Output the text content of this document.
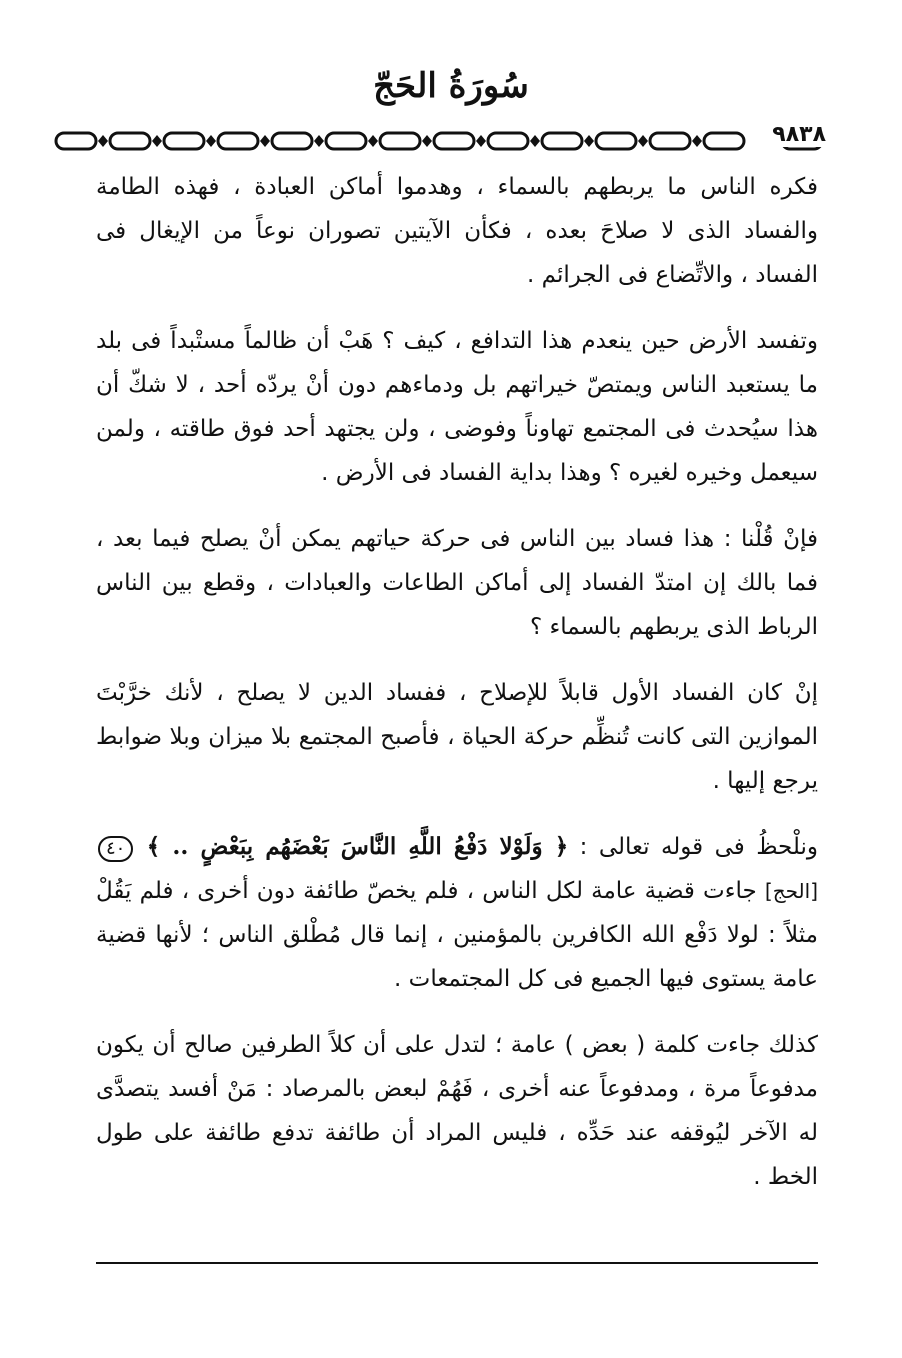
سُورَةُ الحَجّ
٩٨٣٨

فكره الناس ما يربطهم بالسماء ، وهدموا أماكن العبادة ، فهذه الطامة والفساد الذى لا صلاحَ بعده ، فكأن الآيتين تصوران نوعاً من الإيغال فى الفساد ، والاتِّضاع فى الجرائم .

وتفسد الأرض حين ينعدم هذا التدافع ، كيف ؟ هَبْ أن ظالماً مستْبداً فى بلد ما يستعبد الناس ويمتصّ خيراتهم بل ودماءهم دون أنْ يردّه أحد ، لا شكّ أن هذا سيُحدث فى المجتمع تهاوناً وفوضى ، ولن يجتهد أحد فوق طاقته ، ولمن سيعمل وخيره لغيره ؟ وهذا بداية الفساد فى الأرض .

فإنْ قُلْنا : هذا فساد بين الناس فى حركة حياتهم يمكن أنْ يصلح فيما بعد ، فما بالك إن امتدّ الفساد إلى أماكن الطاعات والعبادات ، وقطع بين الناس الرباط الذى يربطهم بالسماء ؟

إنْ كان الفساد الأول قابلاً للإصلاح ، ففساد الدين لا يصلح ، لأنك خرَّبْتَ الموازين التى كانت تُنظِّم حركة الحياة ، فأصبح المجتمع بلا ميزان وبلا ضوابط يرجع إليها .

ونلْحظُ فى قوله تعالى : ﴿ وَلَوْلا دَفْعُ اللَّهِ النَّاسَ بَعْضَهُم بِبَعْضٍ .. ﴾ ٤٠ [الحج] جاءت قضية عامة لكل الناس ، فلم يخصّ طائفة دون أخرى ، فلم يَقُلْ مثلاً : لولا دَفْع الله الكافرين بالمؤمنين ، إنما قال مُطْلق الناس ؛ لأنها قضية عامة يستوى فيها الجميع فى كل المجتمعات .

كذلك جاءت كلمة ( بعض ) عامة ؛ لتدل على أن كلاً الطرفين صالح أن يكون مدفوعاً مرة ، ومدفوعاً عنه أخرى ، فَهُمْ لبعض بالمرصاد : مَنْ أفسد يتصدَّى له الآخر ليُوقفه عند حَدِّه ، فليس المراد أن طائفة تدفع طائفة على طول الخط .
